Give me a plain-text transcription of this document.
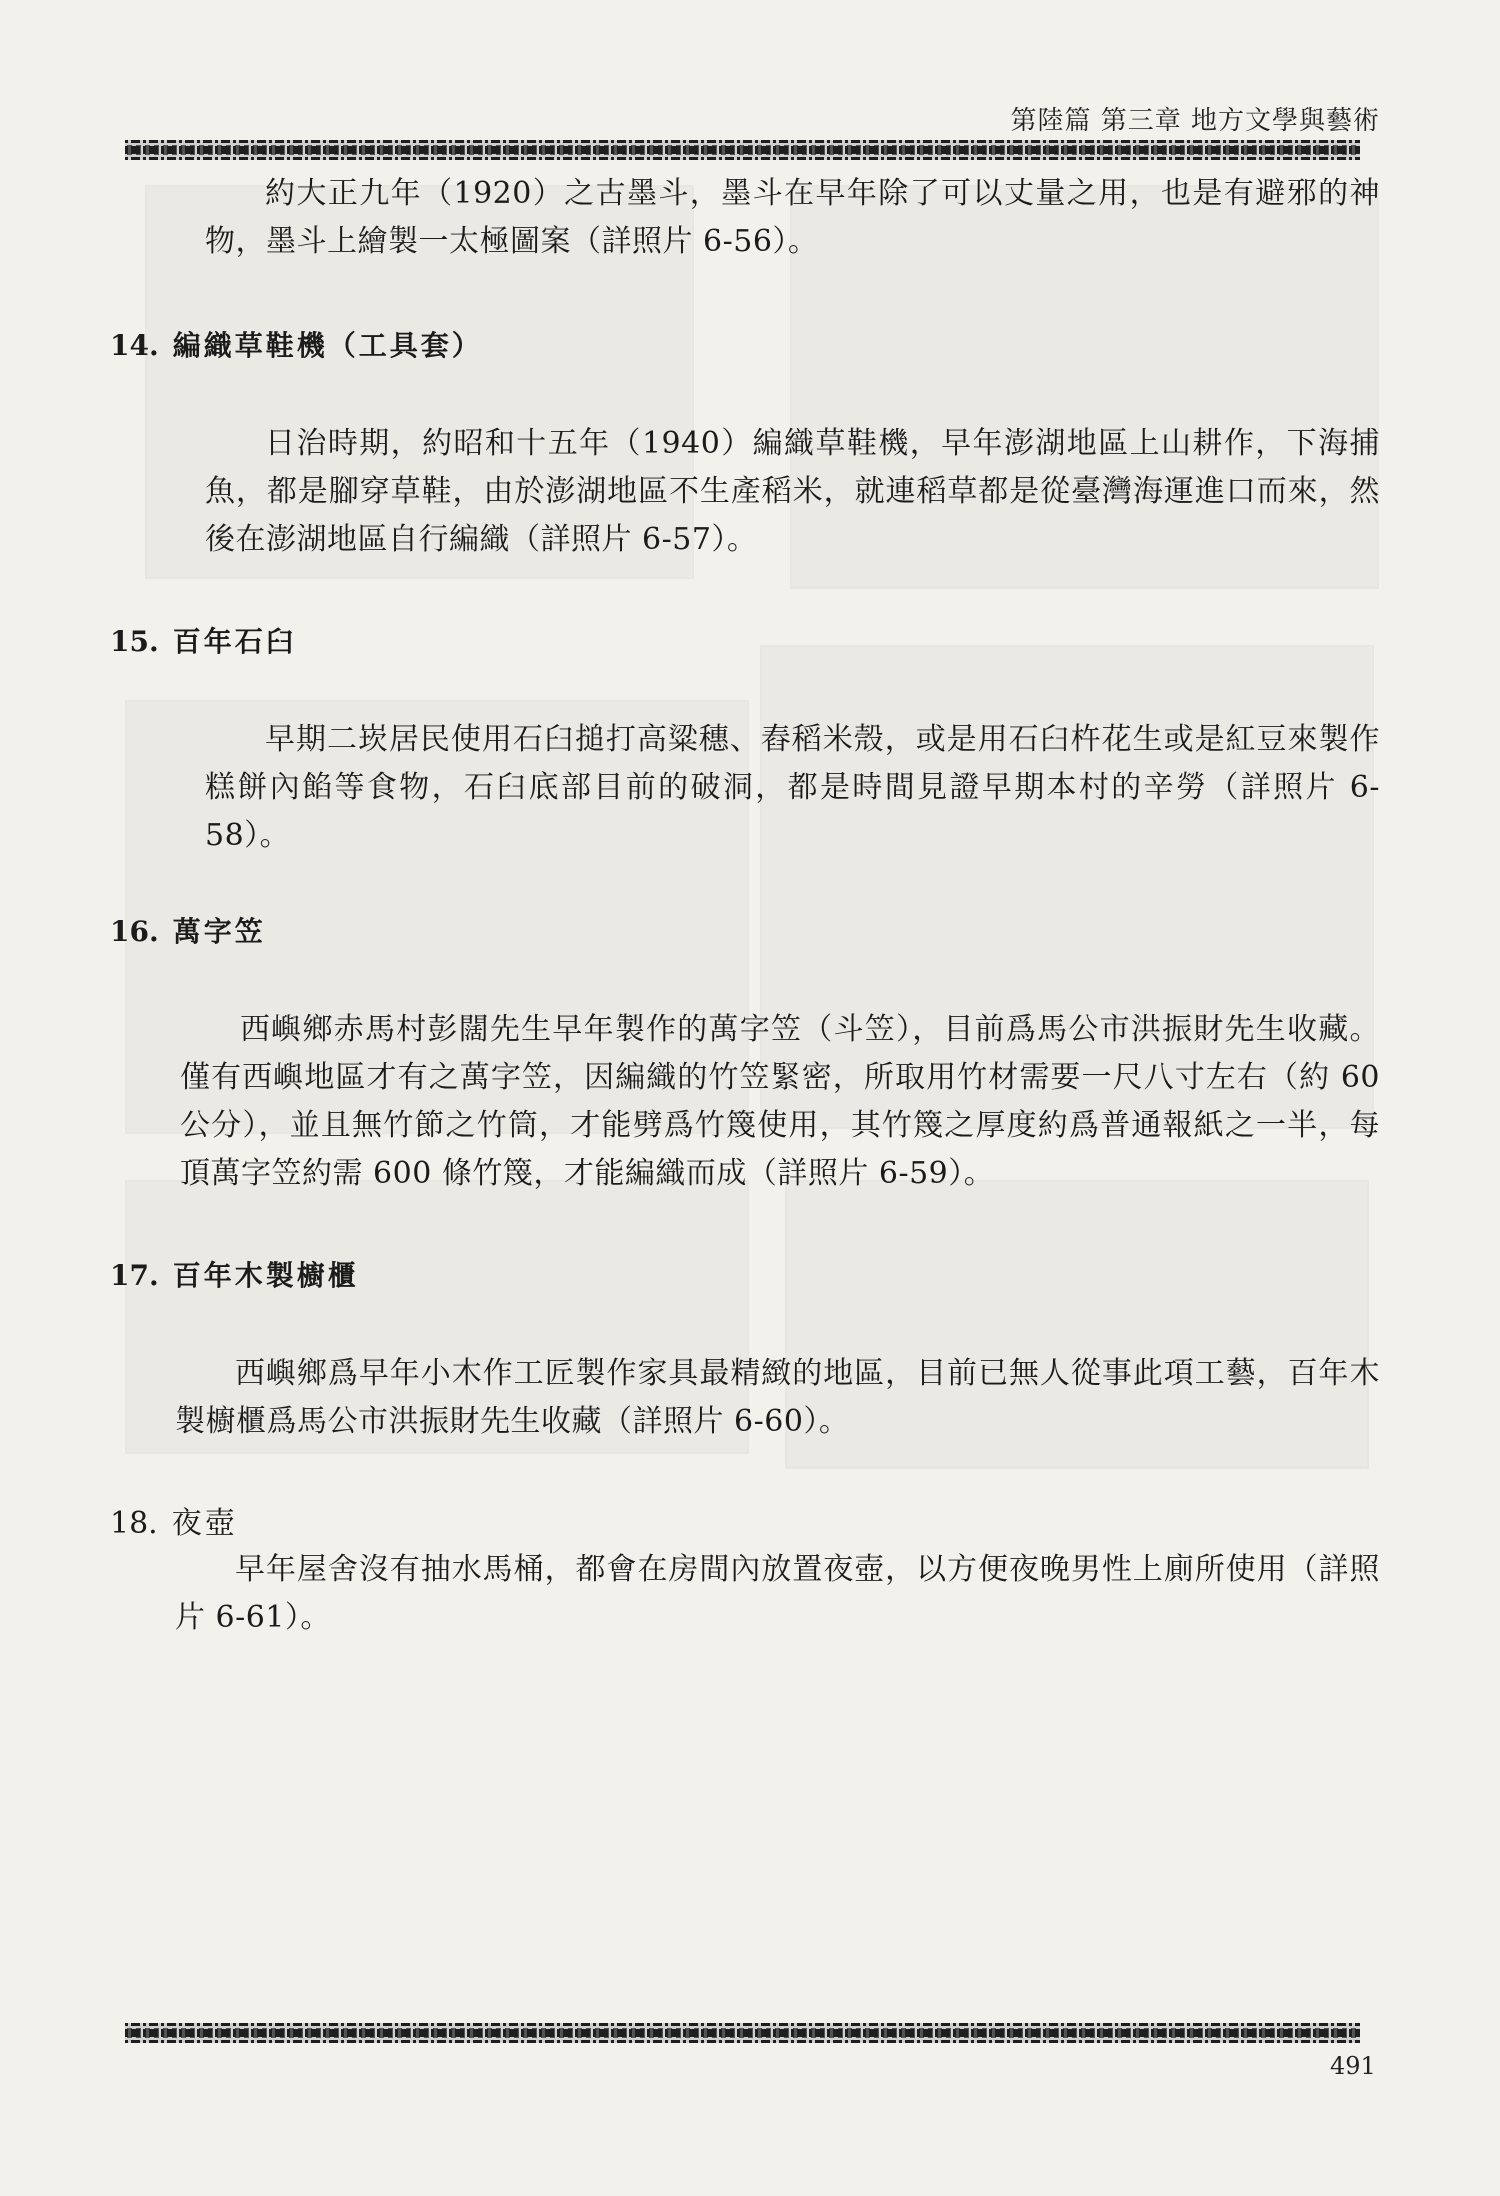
第陸篇 第三章 地方文學與藝術

約大正九年（1920）之古墨斗，墨斗在早年除了可以丈量之用，也是有避邪的神物，墨斗上繪製一太極圖案（詳照片 6-56）。

14. 編織草鞋機（工具套）

日治時期，約昭和十五年（1940）編織草鞋機，早年澎湖地區上山耕作，下海捕魚，都是腳穿草鞋，由於澎湖地區不生產稻米，就連稻草都是從臺灣海運進口而來，然後在澎湖地區自行編織（詳照片 6-57）。

15. 百年石臼

早期二崁居民使用石臼搥打高粱穗、舂稻米殼，或是用石臼杵花生或是紅豆來製作糕餅內餡等食物，石臼底部目前的破洞，都是時間見證早期本村的辛勞（詳照片 6-58）。

16. 萬字笠

西嶼鄉赤馬村彭闊先生早年製作的萬字笠（斗笠），目前爲馬公市洪振財先生收藏。僅有西嶼地區才有之萬字笠，因編織的竹笠緊密，所取用竹材需要一尺八寸左右（約 60 公分），並且無竹節之竹筒，才能劈爲竹篾使用，其竹篾之厚度約爲普通報紙之一半，每頂萬字笠約需 600 條竹篾，才能編織而成（詳照片 6-59）。

17. 百年木製櫥櫃

西嶼鄉爲早年小木作工匠製作家具最精緻的地區，目前已無人從事此項工藝，百年木製櫥櫃爲馬公市洪振財先生收藏（詳照片 6-60）。

18. 夜壺

早年屋舍沒有抽水馬桶，都會在房間內放置夜壺，以方便夜晚男性上廁所使用（詳照片 6-61）。

491
